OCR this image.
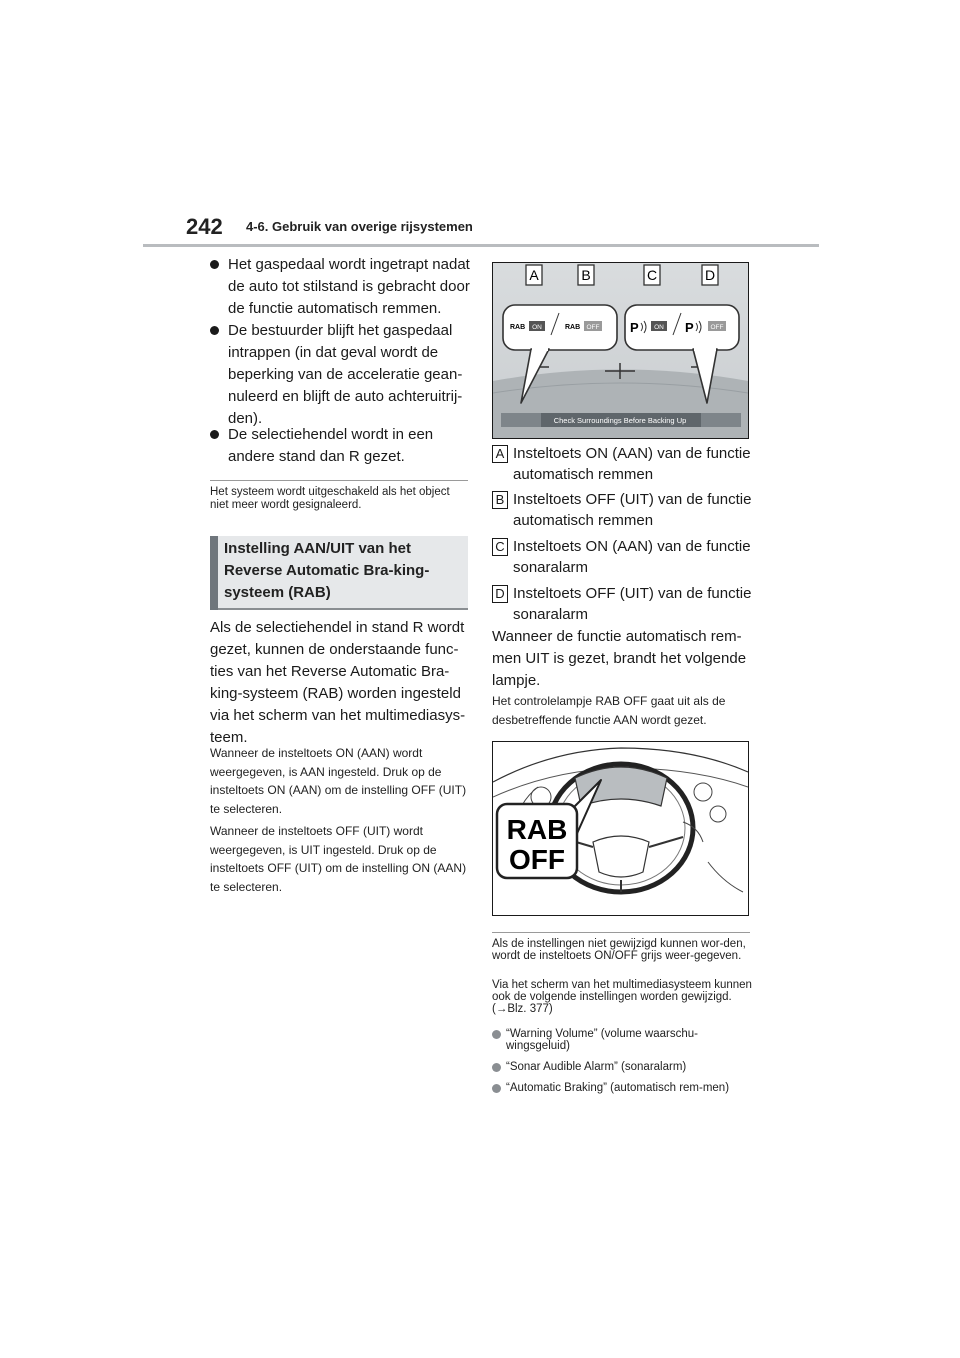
242 4-6. Gebruik van overige rijsystemen
Het gaspedaal wordt ingetrapt nadat de auto tot stilstand is gebracht door de functie automatisch remmen.
De bestuurder blijft het gaspedaal intrappen (in dat geval wordt de beperking van de acceleratie gean-nuleerd en blijft de auto achteruitrij-den).
De selectiehendel wordt in een andere stand dan R gezet.
Het systeem wordt uitgeschakeld als het object niet meer wordt gesignaleerd.
Instelling AAN/UIT van het Reverse Automatic Bra-king-systeem (RAB)
Als de selectiehendel in stand R wordt gezet, kunnen de onderstaande func-ties van het Reverse Automatic Bra-king-systeem (RAB) worden ingesteld via het scherm van het multimediasys-teem.
Wanneer de insteltoets ON (AAN) wordt weergegeven, is AAN ingesteld. Druk op de insteltoets ON (AAN) om de instelling OFF (UIT) te selecteren.
Wanneer de insteltoets OFF (UIT) wordt weergegeven, is UIT ingesteld. Druk op de insteltoets OFF (UIT) om de instelling ON (AAN) te selecteren.
A	B	C	D
RAB ON	RAB OFF P ON P	OFF
Check Surroundings Before Backing Up
A Insteltoets ON (AAN) van de functie automatisch remmen
B Insteltoets OFF (UIT) van de functie automatisch remmen
C Insteltoets ON (AAN) van de functie sonaralarm
D Insteltoets OFF (UIT) van de functie sonaralarm
Wanneer de functie automatisch rem-men UIT is gezet, brandt het volgende lampje.
Het controlelampje RAB OFF gaat uit als de desbetreffende functie AAN wordt gezet.
RAB
OFF
Als de instellingen niet gewijzigd kunnen wor-den, wordt de insteltoets ON/OFF grijs weer-gegeven.
Via het scherm van het multimediasysteem kunnen ook de volgende instellingen worden gewijzigd. (→Blz. 377)
“Warning Volume” (volume waarschu-wingsgeluid)
“Sonar Audible Alarm” (sonaralarm)
“Automatic Braking” (automatisch rem-men)
